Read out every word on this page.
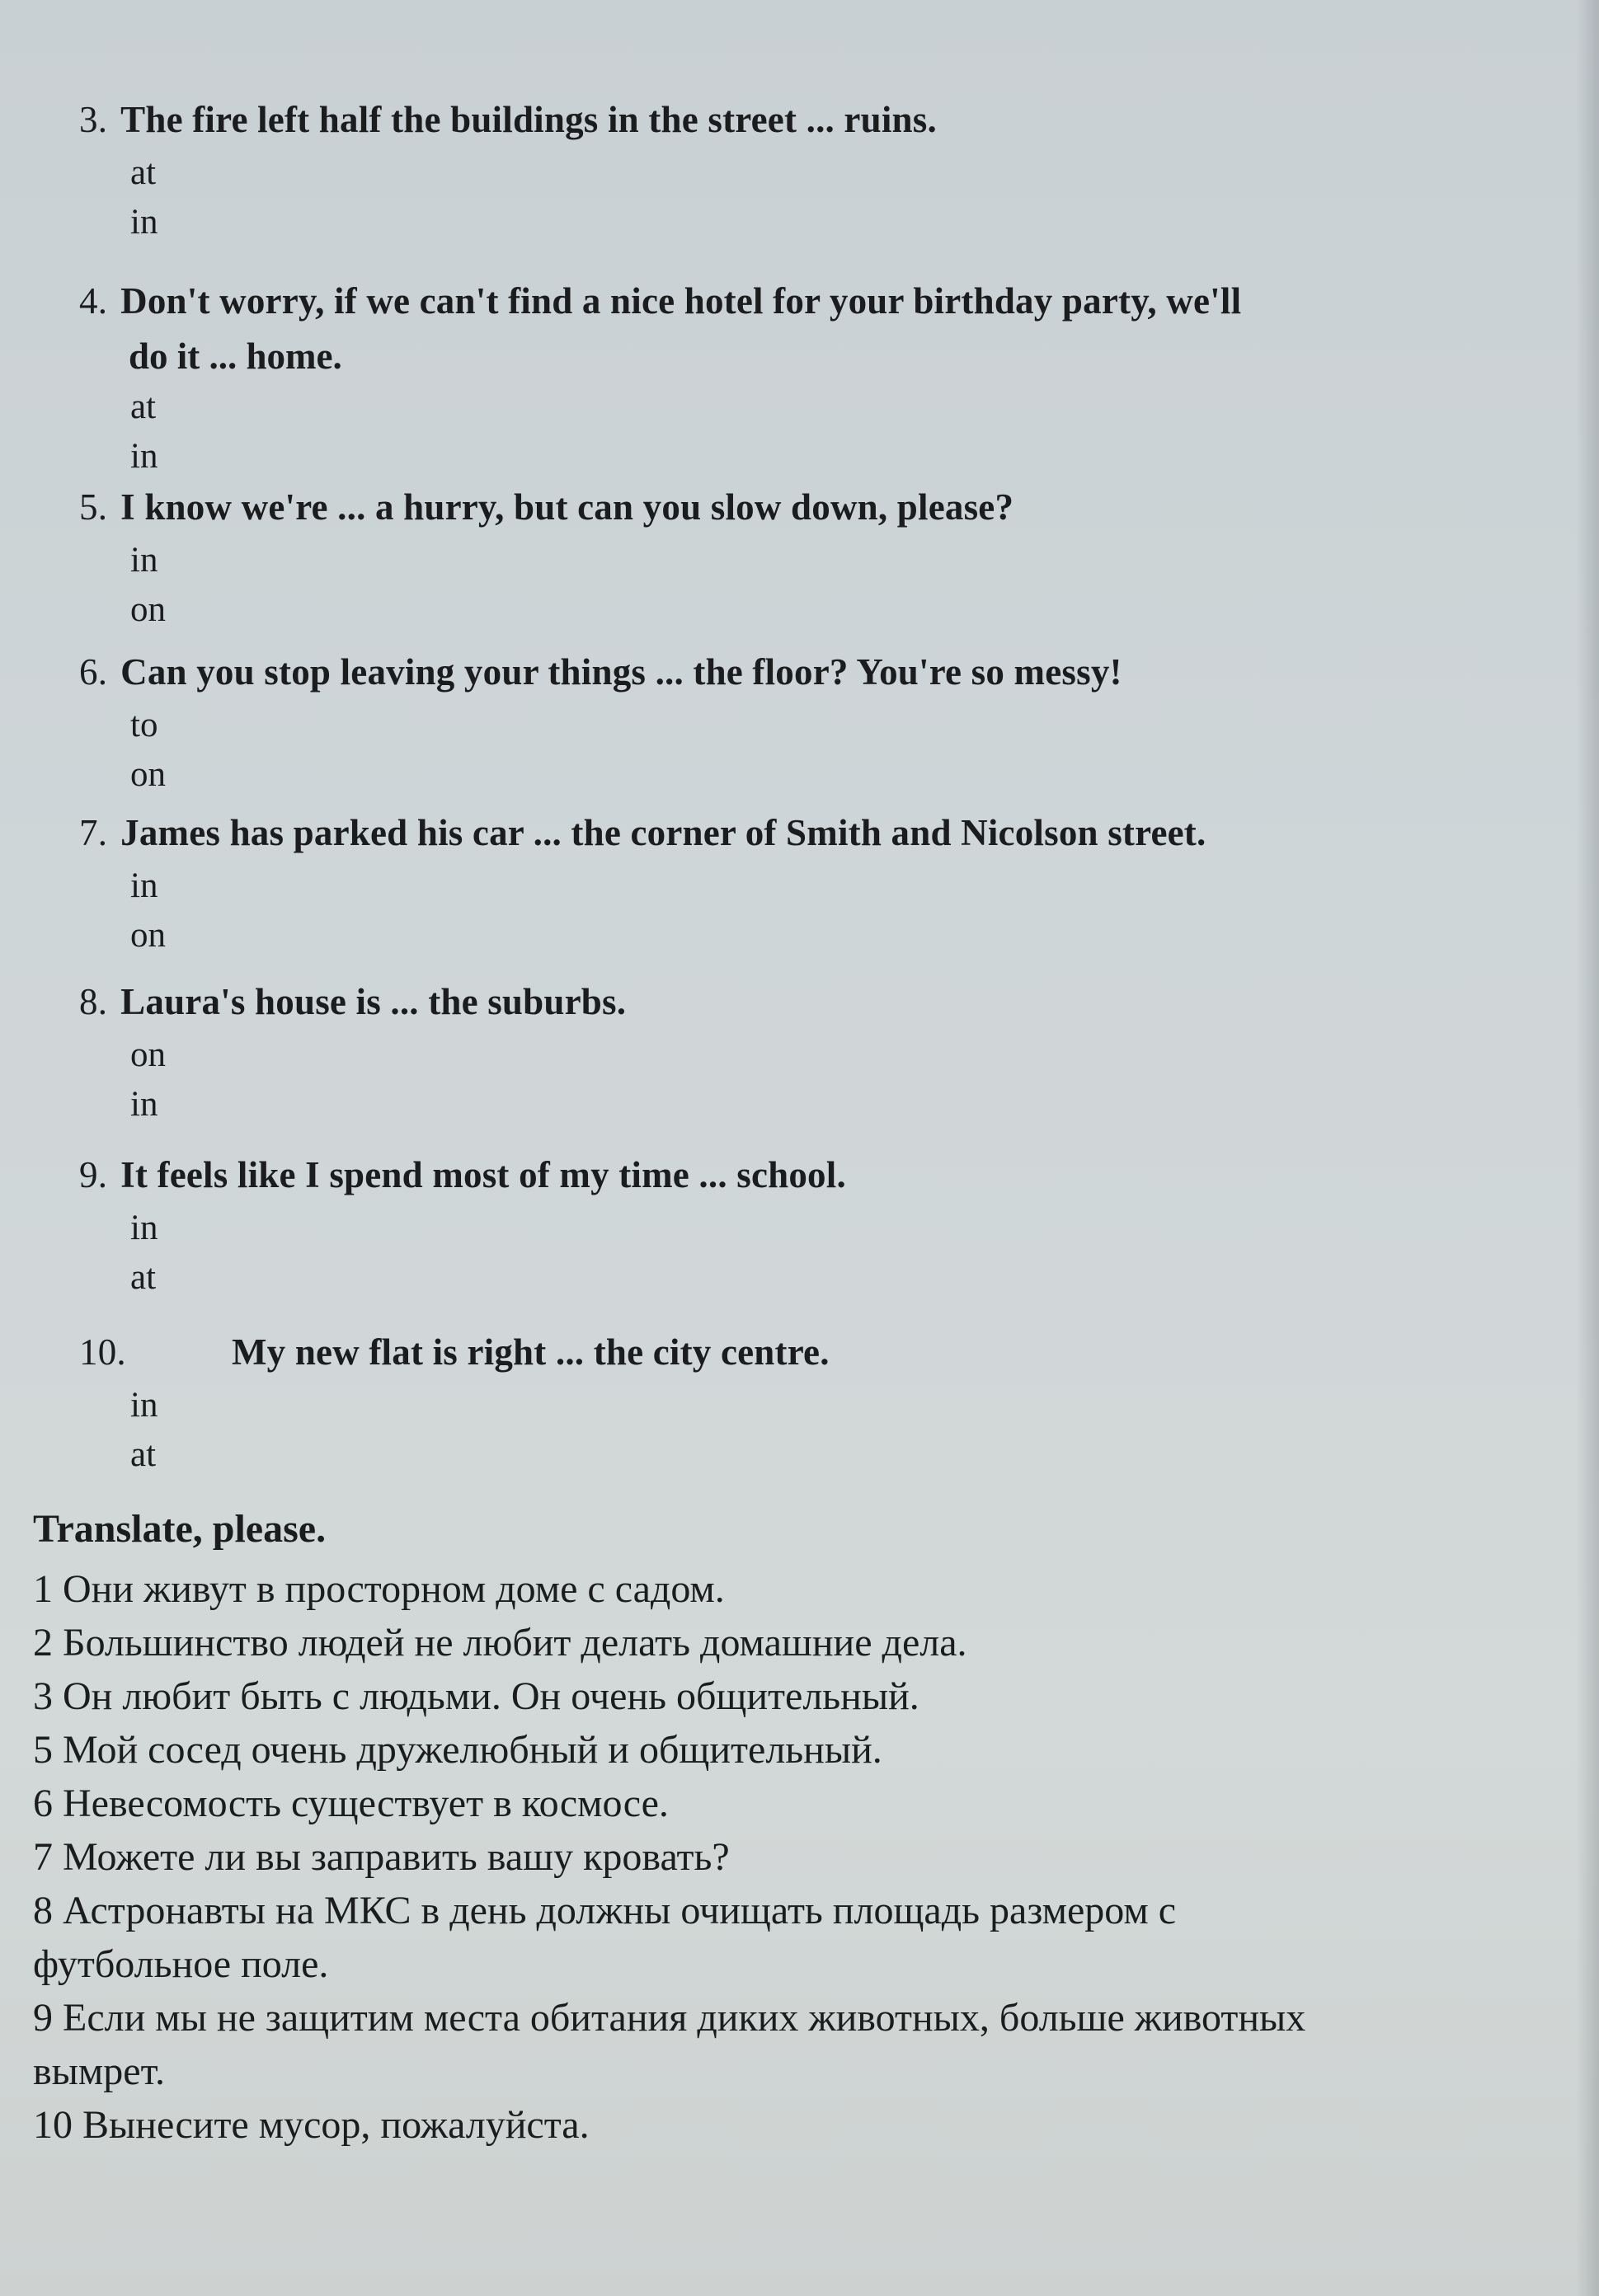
3. The fire left half the buildings in the street ... ruins.
at
in
4. Don't worry, if we can't find a nice hotel for your birthday party, we'll
do it ... home.
at
in
5. I know we're ... a hurry, but can you slow down, please?
in
on
6. Can you stop leaving your things ... the floor? You're so messy!
to
on
7. James has parked his car ... the corner of Smith and Nicolson street.
in
on
8. Laura's house is ... the suburbs.
on
in
9. It feels like I spend most of my time ... school.
in
at
10.	My new flat is right ... the city centre.
in
at
Translate, please.
1 Они живут в просторном доме с садом.
2 Большинство людей не любит делать домашние дела.
3 Он любит быть с людьми. Он очень общительный.
5 Мой сосед очень дружелюбный и общительный.
6 Невесомость существует в космосе.
7 Можете ли вы заправить вашу кровать?
8 Астронавты на МКС в день должны очищать площадь размером с
футбольное поле.
9 Если мы не защитим места обитания диких животных, больше животных
вымрет.
10 Вынесите мусор, пожалуйста.
